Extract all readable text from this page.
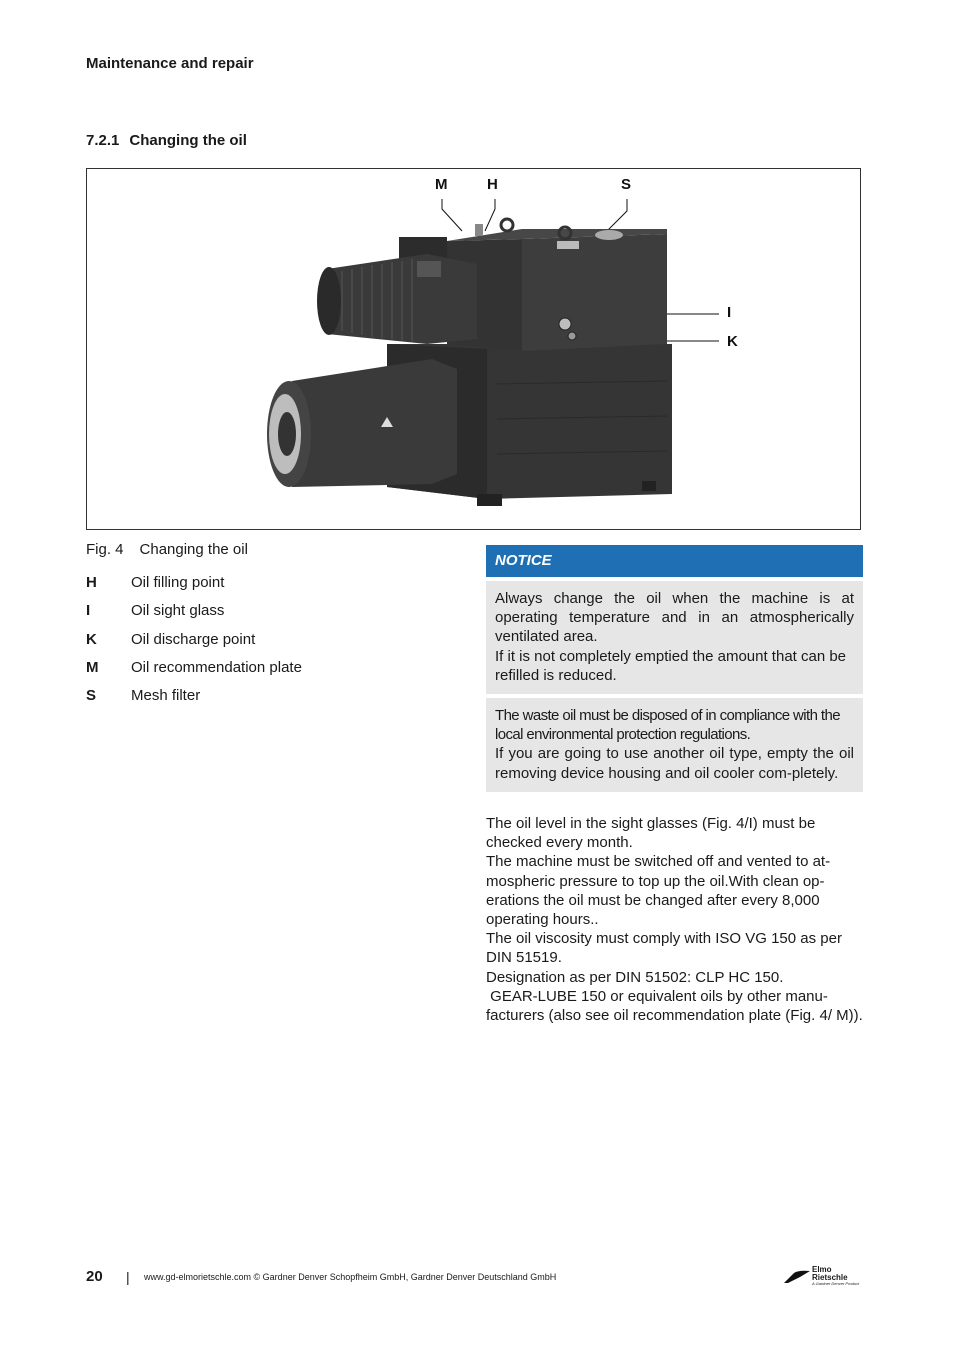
Maintenance and repair
7.2.1 Changing the oil
M	H	S
I
K
Fig. 4 Changing the oil
H	Oil filling point
I	Oil sight glass
K	Oil discharge point
M	Oil recommendation plate
S	Mesh filter
NOTICE

Always change the oil when the machine is at operating temperature and in an atmospherically ventilated area.

If it is not completely emptied the amount that can be refilled is reduced.

The waste oil must be disposed of in compliance with the local environmental protection regulations.

If you are going to use another oil type, empty the oil removing device housing and oil cooler com-pletely.

The oil level in the sight glasses (Fig. 4/I) must be checked every month.

The machine must be switched off and vented to at-mospheric pressure to top up the oil.With clean op-erations the oil must be changed after every 8,000 operating hours..

The oil viscosity must comply with ISO VG 150 as per DIN 51519.

Designation as per DIN 51502: CLP HC 150.

GEAR-LUBE 150 or equivalent oils by other manu-facturers (also see oil recommendation plate (Fig. 4/ M)).

20 | www.gd-elmorietschle.com © Gardner Denver Schopfheim GmbH, Gardner Denver Deutschland GmbH
Elmo
Rietschle
A Gardner Denver Product
